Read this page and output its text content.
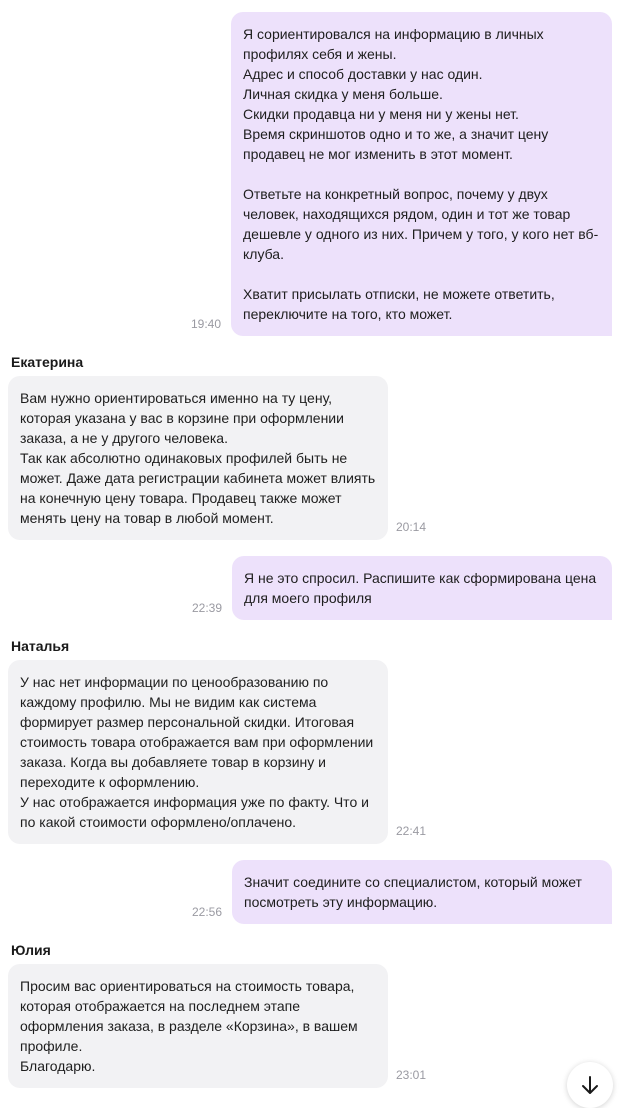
Я сориентировался на информацию в личных профилях себя и жены.
Адрес и способ доставки у нас один.
Личная скидка у меня больше.
Скидки продавца ни у меня ни у жены нет.
Время скриншотов одно и то же, а значит цену продавец не мог изменить в этот момент.

Ответьте на конкретный вопрос, почему у двух человек, находящихся рядом, один и тот же товар дешевле у одного из них. Причем у того, у кого нет вб-клуба.

Хватит присылать отписки, не можете ответить, переключите на того, кто может.
19:40
Екатерина
Вам нужно ориентироваться именно на ту цену, которая указана у вас в корзине при оформлении заказа, а не у другого человека.
Так как абсолютно одинаковых профилей быть не может. Даже дата регистрации кабинета может влиять на конечную цену товара. Продавец также может менять цену на товар в любой момент.
20:14
Я не это спросил. Распишите как сформирована цена для моего профиля
22:39
Наталья
У нас нет информации по ценообразованию по каждому профилю. Мы не видим как система формирует размер персональной скидки. Итоговая стоимость товара отображается вам при оформлении заказа. Когда вы добавляете товар в корзину и переходите к оформлению.
У нас отображается информация уже по факту. Что и по какой стоимости оформлено/оплачено.
22:41
Значит соедините со специалистом, который может посмотреть эту информацию.
22:56
Юлия
Просим вас ориентироваться на стоимость товара, которая отображается на последнем этапе оформления заказа, в разделе «Корзина», в вашем профиле.
Благодарю.
23:01
